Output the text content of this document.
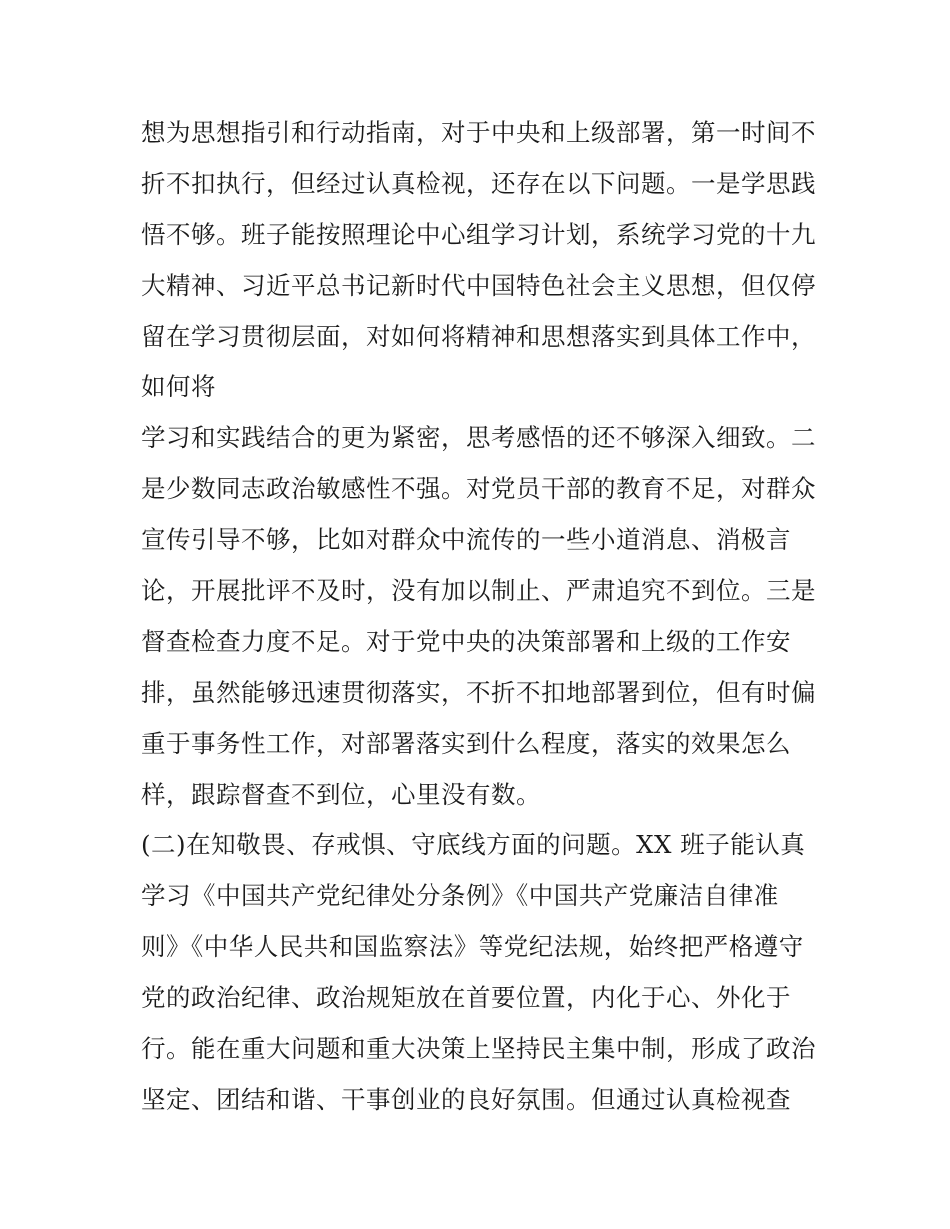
想为思想指引和行动指南，对于中央和上级部署，第一时间不
折不扣执行，但经过认真检视，还存在以下问题。一是学思践
悟不够。班子能按照理论中心组学习计划，系统学习党的十九
大精神、习近平总书记新时代中国特色社会主义思想，但仅停
留在学习贯彻层面，对如何将精神和思想落实到具体工作中，
如何将
学习和实践结合的更为紧密，思考感悟的还不够深入细致。二
是少数同志政治敏感性不强。对党员干部的教育不足，对群众
宣传引导不够，比如对群众中流传的一些小道消息、消极言
论，开展批评不及时，没有加以制止、严肃追究不到位。三是
督查检查力度不足。对于党中央的决策部署和上级的工作安
排，虽然能够迅速贯彻落实，不折不扣地部署到位，但有时偏
重于事务性工作，对部署落实到什么程度，落实的效果怎么
样，跟踪督查不到位，心里没有数。
(二)在知敬畏、存戒惧、守底线方面的问题。XX 班子能认真
学习《中国共产党纪律处分条例》《中国共产党廉洁自律准
则》《中华人民共和国监察法》等党纪法规，始终把严格遵守
党的政治纪律、政治规矩放在首要位置，内化于心、外化于
行。能在重大问题和重大决策上坚持民主集中制，形成了政治
坚定、团结和谐、干事创业的良好氛围。但通过认真检视查
